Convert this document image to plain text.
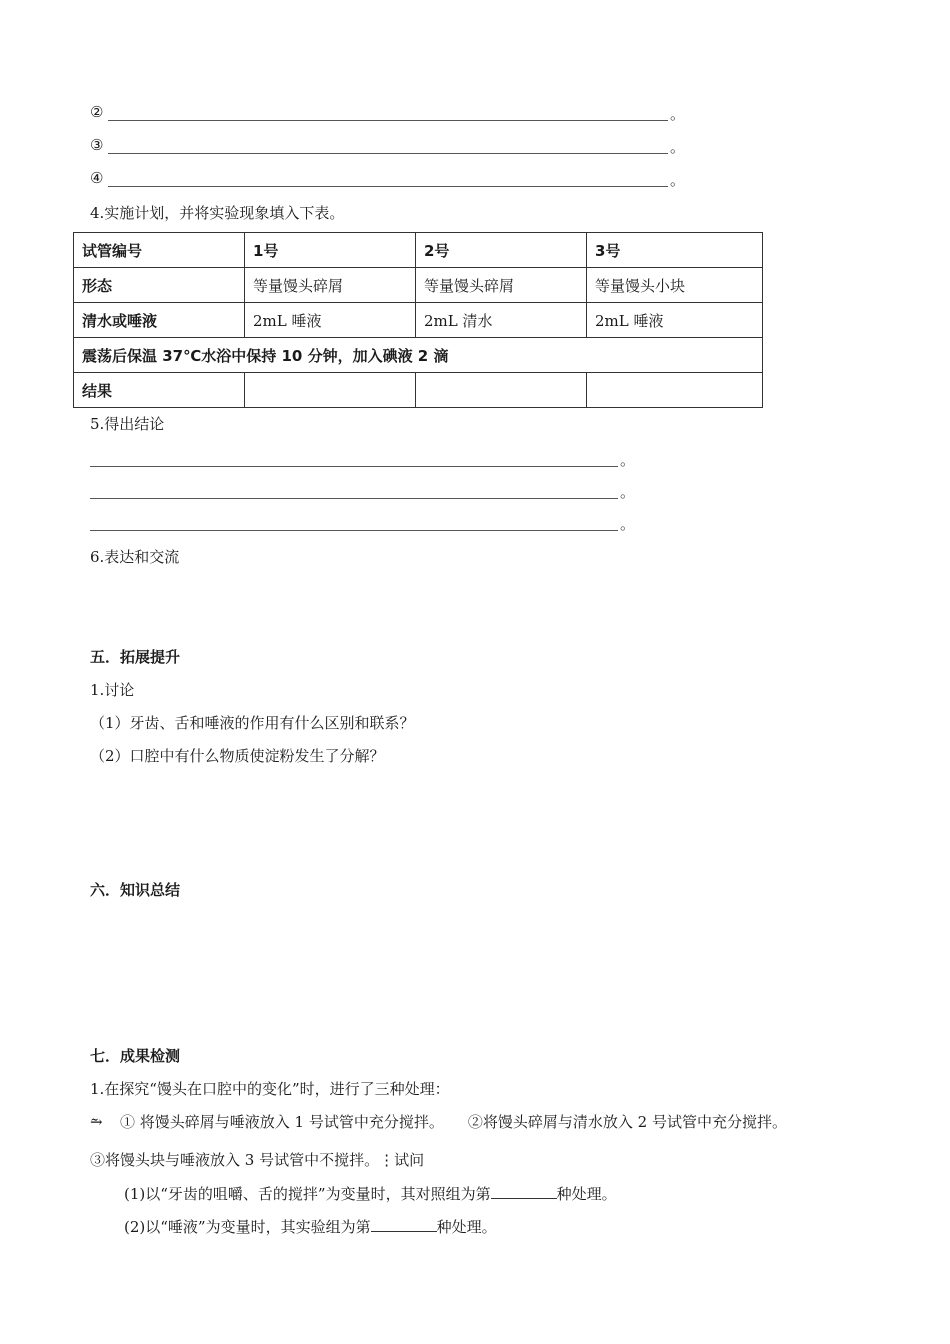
②	。
③	。
④	。
4.实施计划，并将实验现象填入下表。
试管编号	1号	2号	3号
形态	等量馒头碎屑	等量馒头碎屑	等量馒头小块
清水或唾液	2mL 唾液	2mL 清水	2mL 唾液
震荡后保温 37℃水浴中保持 10 分钟，加入碘液 2 滴			
结果			
5.得出结论
。
。
。
6.表达和交流
五．拓展提升
1.讨论
（1）牙齿、舌和唾液的作用有什么区别和联系？
（2）口腔中有什么物质使淀粉发生了分解？
六．知识总结
七．成果检测
1.在探究“馒头在口腔中的变化”时，进行了三种处理：
⥲ ① 将馒头碎屑与唾液放入 1 号试管中充分搅拌。 ②将馒头碎屑与清水放入 2 号试管中充分搅拌。
③将馒头块与唾液放入 3 号试管中不搅拌。⋮试问
(1)以“牙齿的咀嚼、舌的搅拌”为变量时，其对照组为第	种处理。
(2)以“唾液”为变量时，其实验组为第	种处理。
